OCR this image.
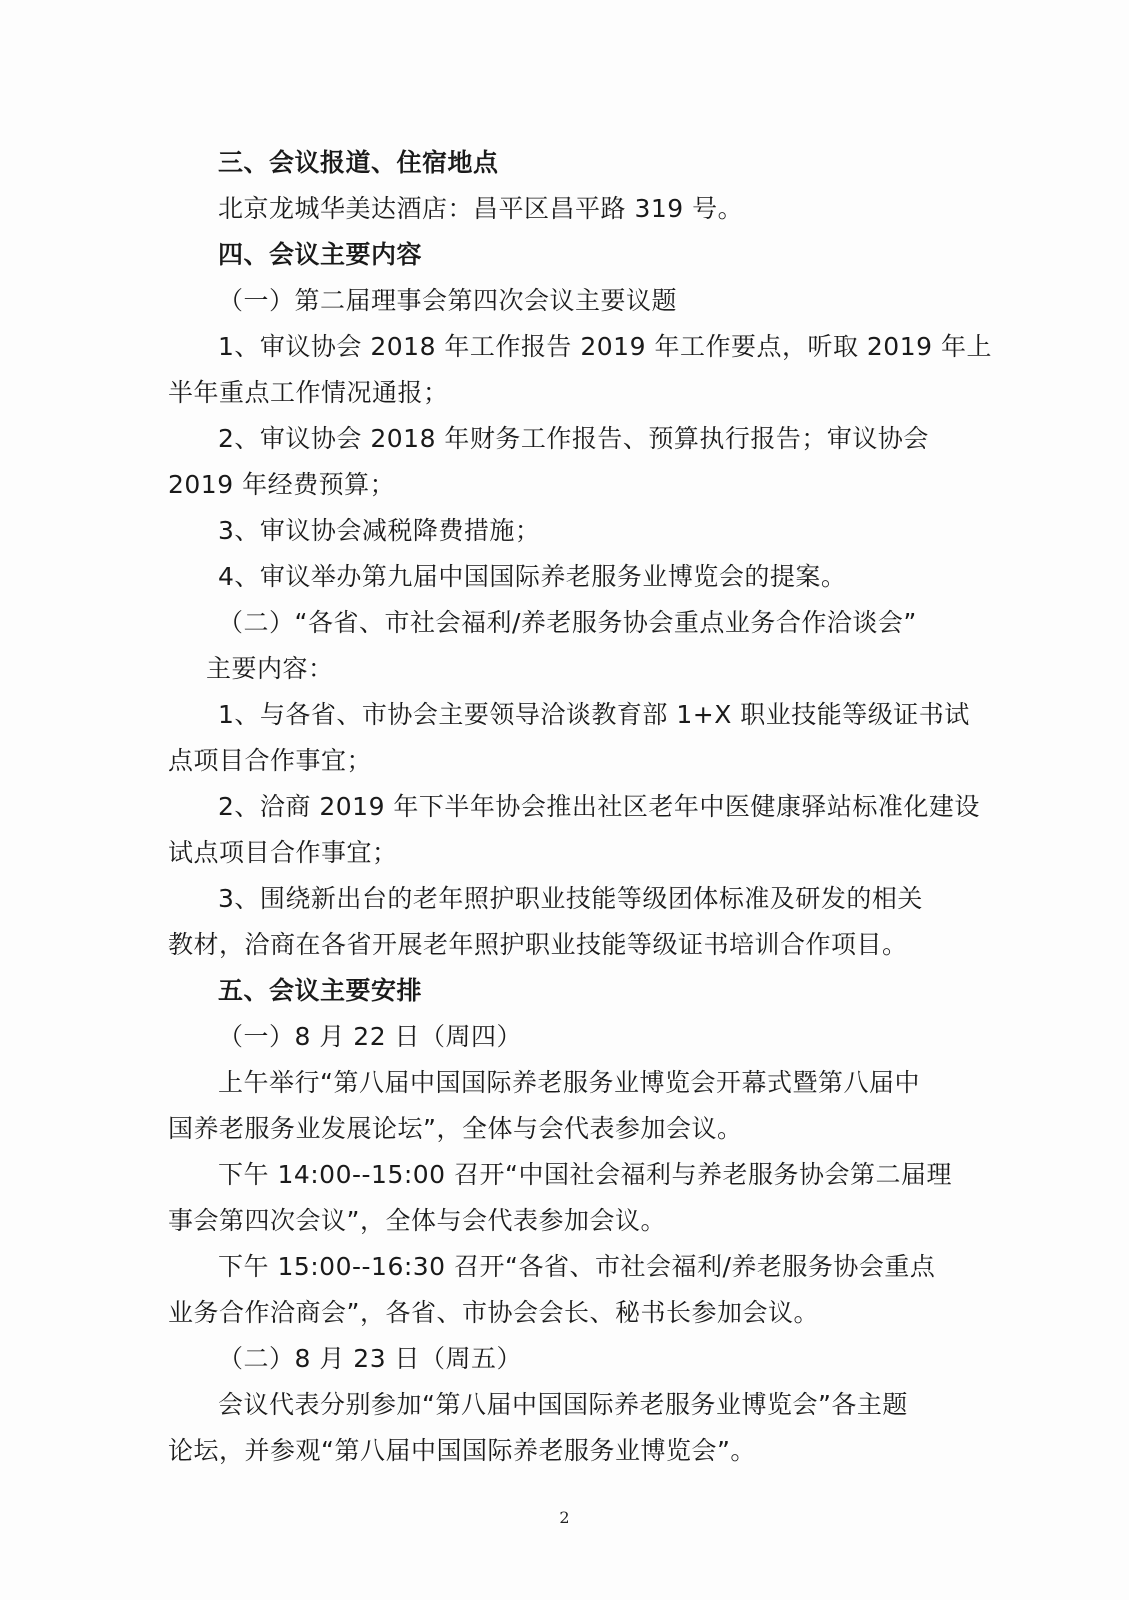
三、会议报道、住宿地点
北京龙城华美达酒店：昌平区昌平路 319 号。
四、会议主要内容
（一）第二届理事会第四次会议主要议题
1、审议协会 2018 年工作报告 2019 年工作要点，听取 2019 年上
半年重点工作情况通报；
2、审议协会 2018 年财务工作报告、预算执行报告；审议协会
2019 年经费预算；
3、审议协会减税降费措施；
4、审议举办第九届中国国际养老服务业博览会的提案。
（二）“各省、市社会福利/养老服务协会重点业务合作洽谈会”
主要内容：
1、与各省、市协会主要领导洽谈教育部 1+X 职业技能等级证书试
点项目合作事宜；
2、洽商 2019 年下半年协会推出社区老年中医健康驿站标准化建设
试点项目合作事宜；
3、围绕新出台的老年照护职业技能等级团体标准及研发的相关
教材，洽商在各省开展老年照护职业技能等级证书培训合作项目。
五、会议主要安排
（一）8 月 22 日（周四）
上午举行“第八届中国国际养老服务业博览会开幕式暨第八届中
国养老服务业发展论坛”，全体与会代表参加会议。
下午 14:00--15:00 召开“中国社会福利与养老服务协会第二届理
事会第四次会议”，全体与会代表参加会议。
下午 15:00--16:30 召开“各省、市社会福利/养老服务协会重点
业务合作洽商会”，各省、市协会会长、秘书长参加会议。
（二）8 月 23 日（周五）
会议代表分别参加“第八届中国国际养老服务业博览会”各主题
论坛，并参观“第八届中国国际养老服务业博览会”。
2
